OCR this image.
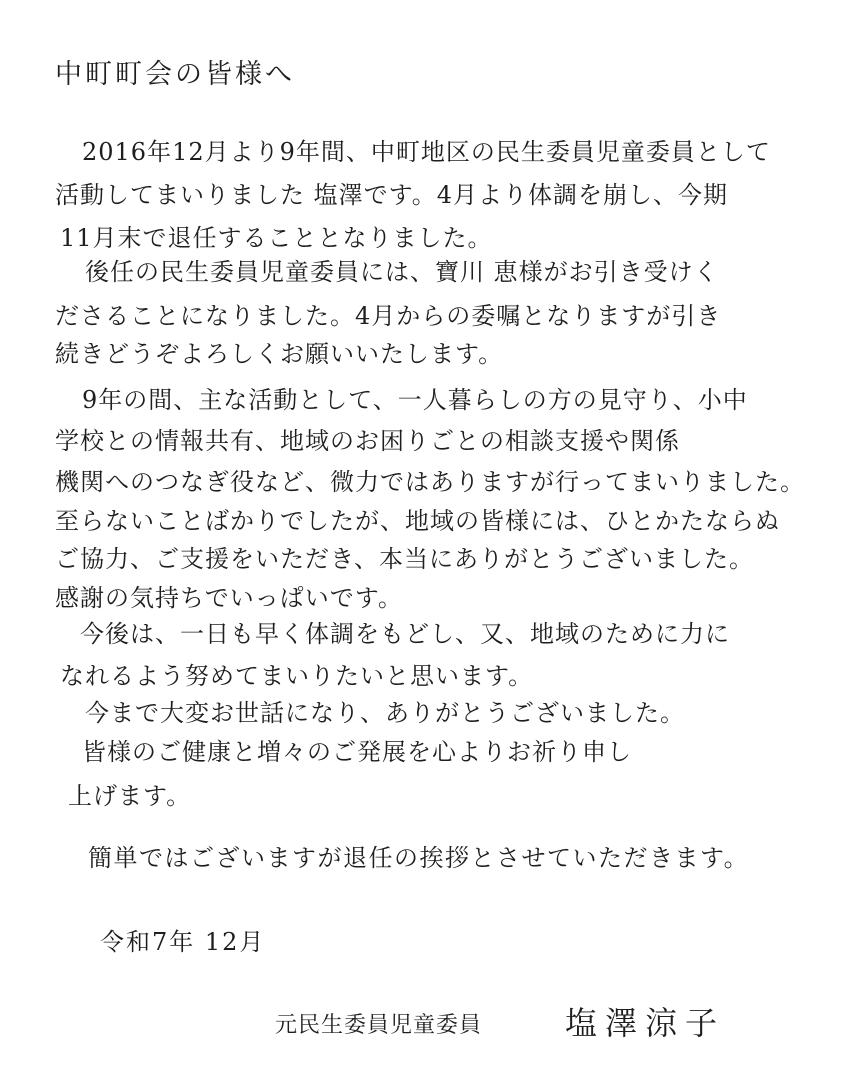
中町町会の皆様へ
2016年12月より9年間、中町地区の民生委員児童委員として
活動してまいりました 塩澤です。4月より体調を崩し、今期
11月末で退任することとなりました。
後任の民生委員児童委員には、寶川 恵様がお引き受けく
ださることになりました。4月からの委嘱となりますが引き
続きどうぞよろしくお願いいたします。
9年の間、主な活動として、一人暮らしの方の見守り、小中
学校との情報共有、地域のお困りごとの相談支援や関係
機関へのつなぎ役など、微力ではありますが行ってまいりました。
至らないことばかりでしたが、地域の皆様には、ひとかたならぬ
ご協力、ご支援をいただき、本当にありがとうございました。
感謝の気持ちでいっぱいです。
今後は、一日も早く体調をもどし、又、地域のために力に
なれるよう努めてまいりたいと思います。
今まで大変お世話になり、ありがとうございました。
皆様のご健康と増々のご発展を心よりお祈り申し
上げます。
簡単ではございますが退任の挨拶とさせていただきます。
令和7年 12月
元民生委員児童委員	塩澤涼子
